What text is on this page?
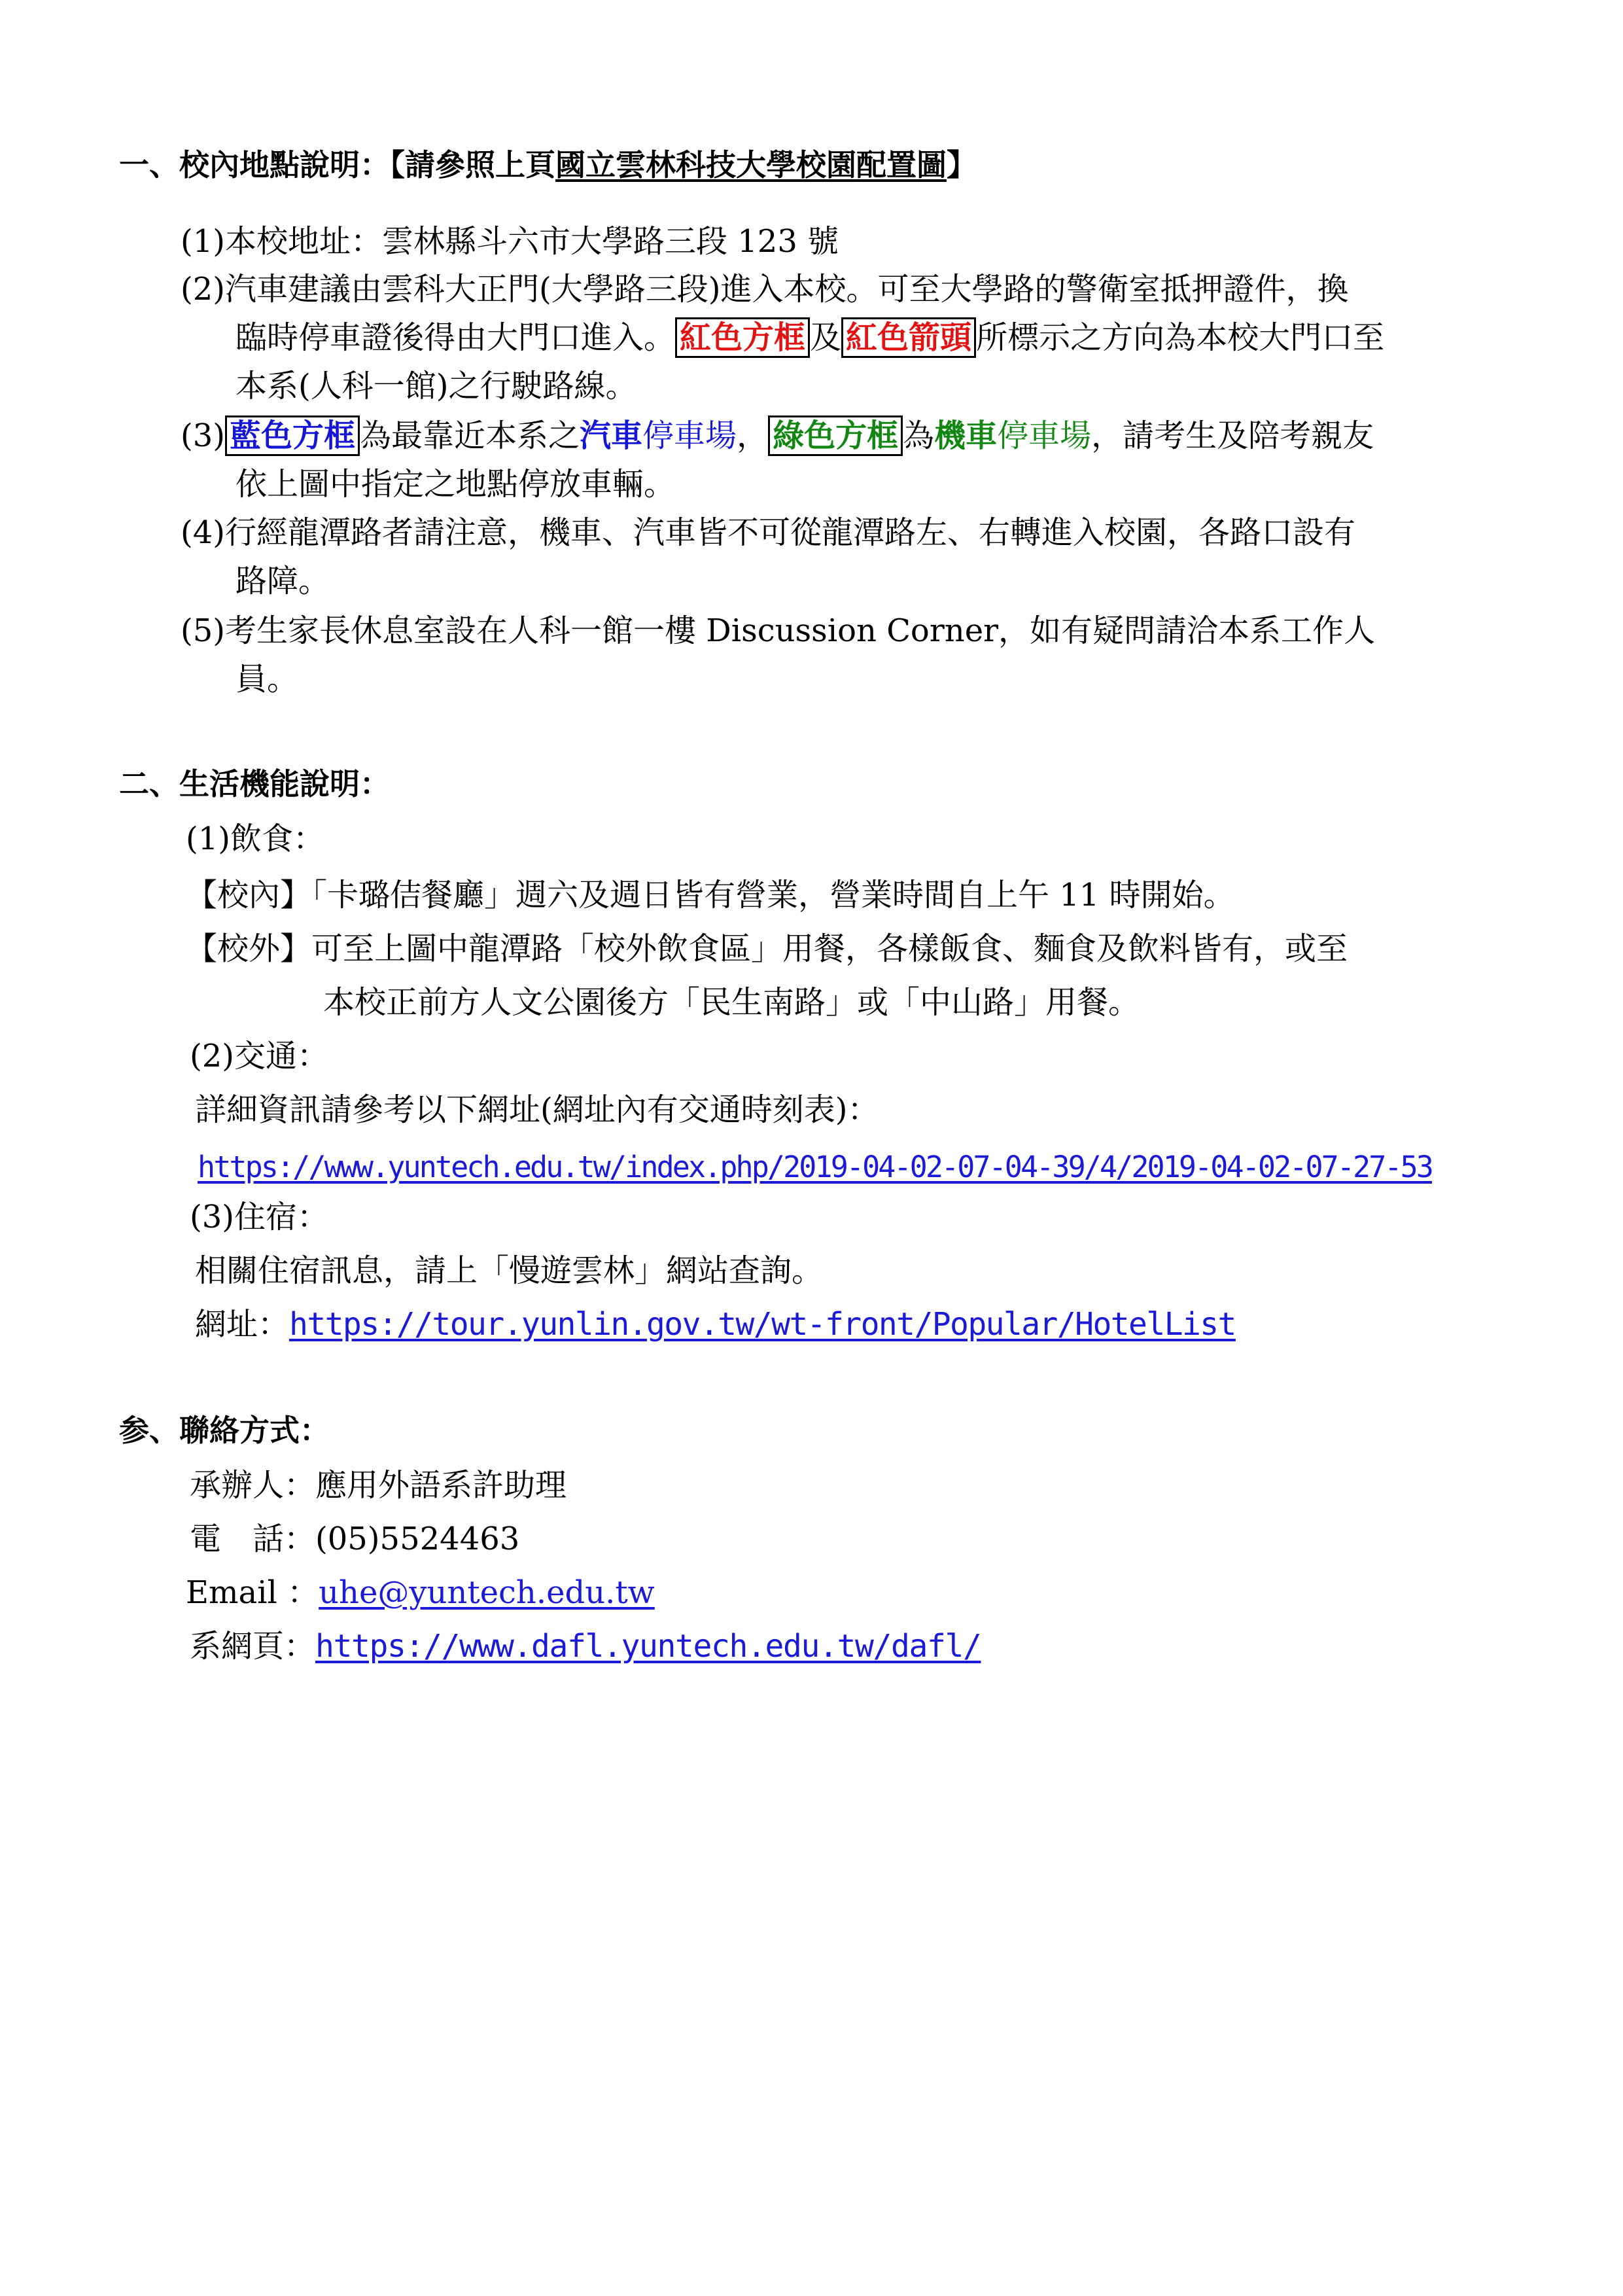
一、校內地點說明：【請參照上頁國立雲林科技大學校園配置圖】
(1)本校地址：雲林縣斗六市大學路三段 123 號
(2)汽車建議由雲科大正門(大學路三段)進入本校。可至大學路的警衛室抵押證件，換
臨時停車證後得由大門口進入。 紅色方框 及 紅色箭頭 所標示之方向為本校大門口至
本系(人科一館)之行駛路線。
(3) 藍色方框 為最靠近本系之汽車停車場， 綠色方框 為機車停車場，請考生及陪考親友
依上圖中指定之地點停放車輛。
(4)行經龍潭路者請注意，機車、汽車皆不可從龍潭路左、右轉進入校園，各路口設有
路障。
(5)考生家長休息室設在人科一館一樓 Discussion Corner，如有疑問請洽本系工作人
員。
二、生活機能說明：
(1)飲食：
【校內】「卡璐佶餐廳」週六及週日皆有營業，營業時間自上午 11 時開始。
【校外】可至上圖中龍潭路「校外飲食區」用餐，各樣飯食、麵食及飲料皆有，或至
本校正前方人文公園後方「民生南路」或「中山路」用餐。
(2)交通：
詳細資訊請參考以下網址(網址內有交通時刻表)：
https://www.yuntech.edu.tw/index.php/2019-04-02-07-04-39/4/2019-04-02-07-27-53
(3)住宿：
相關住宿訊息，請上「慢遊雲林」網站查詢。
網址：https://tour.yunlin.gov.tw/wt-front/Popular/HotelList
参、聯絡方式：
承辦人：應用外語系許助理
電　話：(05)5524463
Email ：uhe@yuntech.edu.tw
系網頁：https://www.dafl.yuntech.edu.tw/dafl/
